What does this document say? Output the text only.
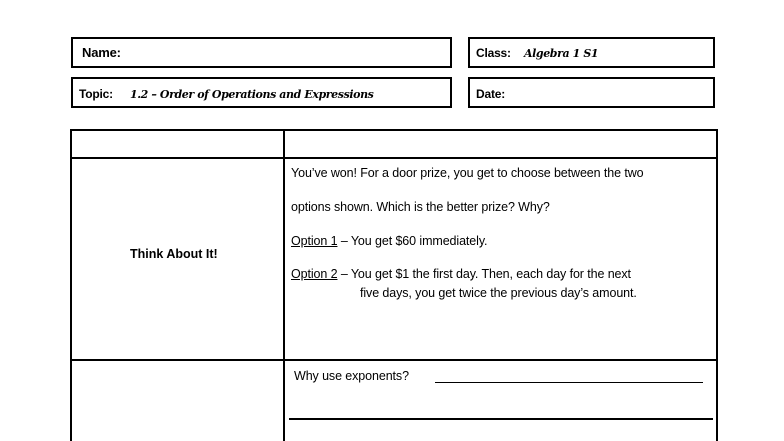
Name:	Class: Algebra 1 S1
Topic: 1.2 – Order of Operations and Expressions	Date:
Think About It!
You’ve won! For a door prize, you get to choose between the two
options shown. Which is the better prize? Why?
Option 1 – You get $60 immediately.
Option 2 – You get $1 the first day. Then, each day for the next
five days, you get twice the previous day’s amount.
Why use exponents?
